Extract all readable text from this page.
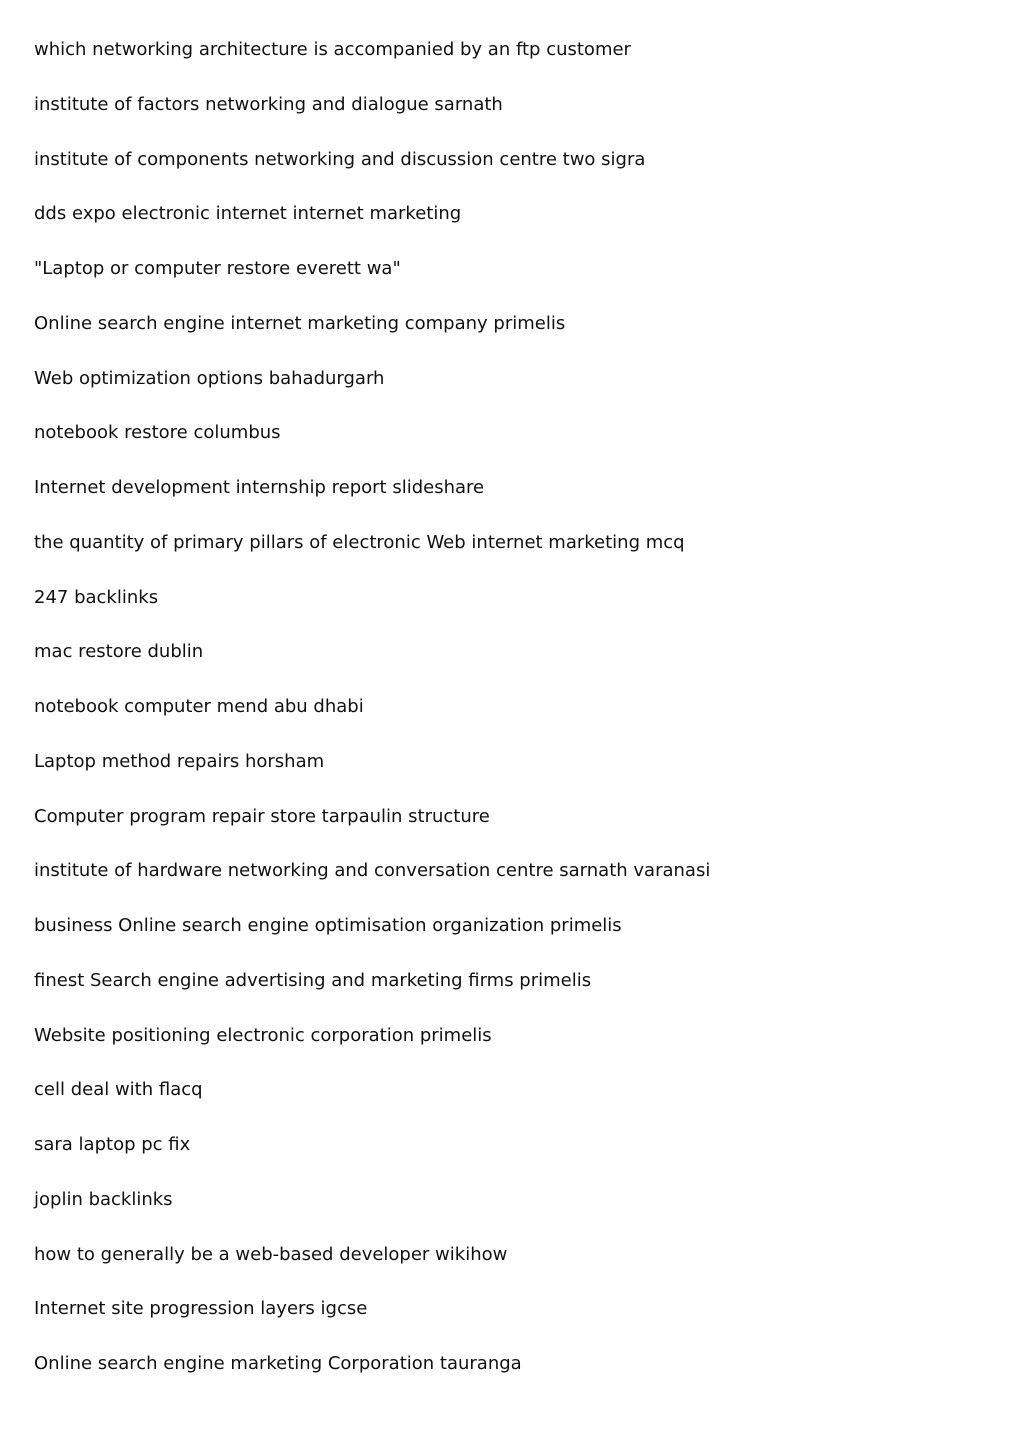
which networking architecture is accompanied by an ftp customer
institute of factors networking and dialogue sarnath
institute of components networking and discussion centre two sigra
dds expo electronic internet internet marketing
"Laptop or computer restore everett wa"
Online search engine internet marketing company primelis
Web optimization options bahadurgarh
notebook restore columbus
Internet development internship report slideshare
the quantity of primary pillars of electronic Web internet marketing mcq
247 backlinks
mac restore dublin
notebook computer mend abu dhabi
Laptop method repairs horsham
Computer program repair store tarpaulin structure
institute of hardware networking and conversation centre sarnath varanasi
business Online search engine optimisation organization primelis
finest Search engine advertising and marketing firms primelis
Website positioning electronic corporation primelis
cell deal with flacq
sara laptop pc fix
joplin backlinks
how to generally be a web-based developer wikihow
Internet site progression layers igcse
Online search engine marketing Corporation tauranga
